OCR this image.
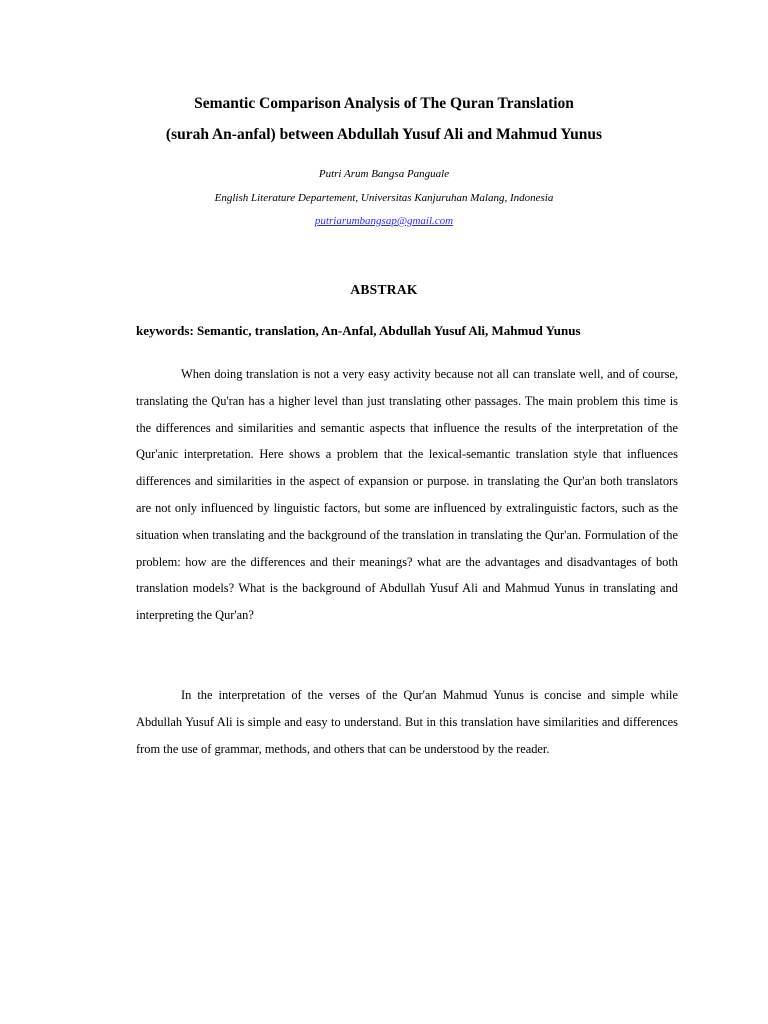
Semantic Comparison Analysis of The Quran Translation
(surah An-anfal) between Abdullah Yusuf Ali and Mahmud Yunus

Putri Arum Bangsa Panguale

English Literature Departement, Universitas Kanjuruhan Malang, Indonesia

putriarumbangsap@gmail.com

ABSTRAK

keywords: Semantic, translation, An-Anfal, Abdullah Yusuf Ali, Mahmud Yunus

When doing translation is not a very easy activity because not all can translate well, and of course, translating the Qu'ran has a higher level than just translating other passages. The main problem this time is the differences and similarities and semantic aspects that influence the results of the interpretation of the Qur'anic interpretation. Here shows a problem that the lexical-semantic translation style that influences differences and similarities in the aspect of expansion or purpose. in translating the Qur'an both translators are not only influenced by linguistic factors, but some are influenced by extralinguistic factors, such as the situation when translating and the background of the translation in translating the Qur'an. Formulation of the problem: how are the differences and their meanings? what are the advantages and disadvantages of both translation models? What is the background of Abdullah Yusuf Ali and Mahmud Yunus in translating and interpreting the Qur'an?

In the interpretation of the verses of the Qur'an Mahmud Yunus is concise and simple while Abdullah Yusuf Ali is simple and easy to understand. But in this translation have similarities and differences from the use of grammar, methods, and others that can be understood by the reader.
